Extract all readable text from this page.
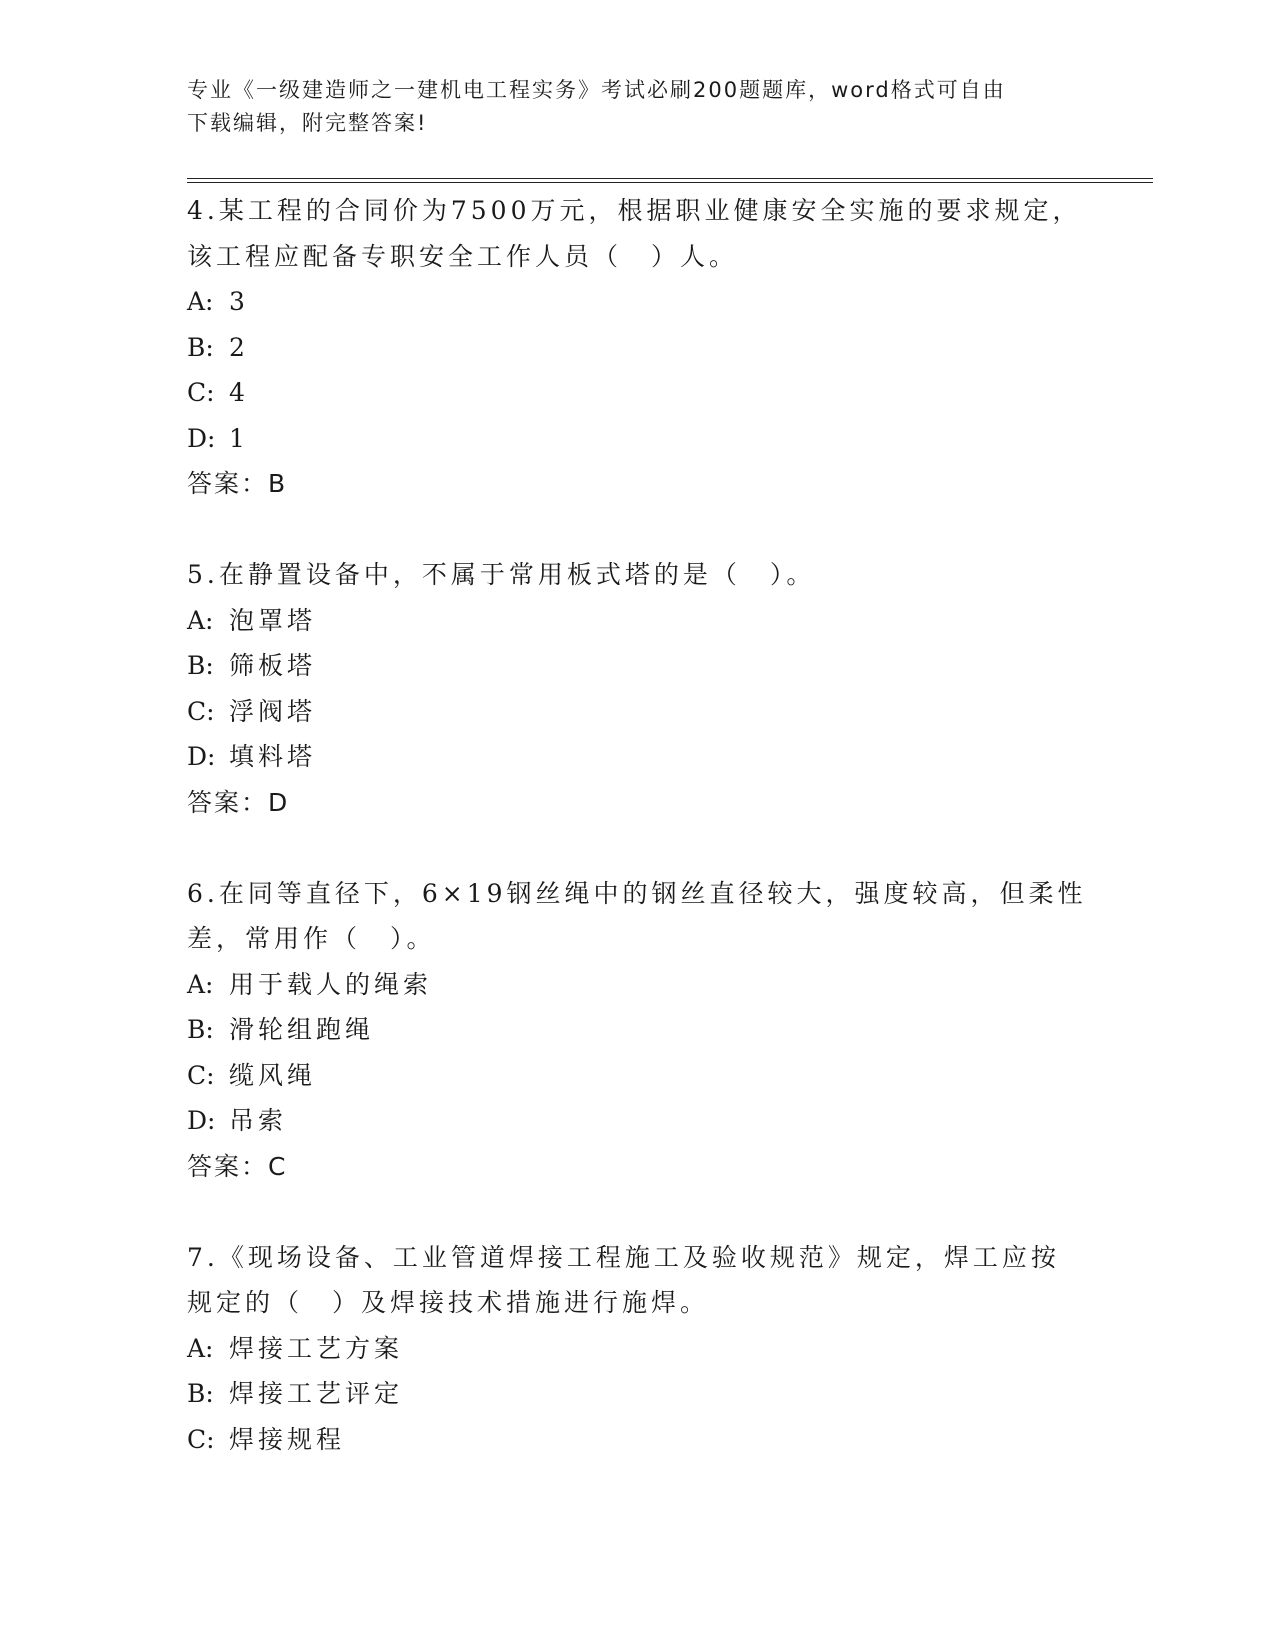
专业《一级建造师之一建机电工程实务》考试必刷200题题库，word格式可自由
下载编辑，附完整答案!
4.某工程的合同价为7500万元，根据职业健康安全实施的要求规定，
该工程应配备专职安全工作人员（　）人。
A: 3
B: 2
C: 4
D: 1
答案：B
5.在静置设备中，不属于常用板式塔的是（　）。
A: 泡罩塔
B: 筛板塔
C: 浮阀塔
D: 填料塔
答案：D
6.在同等直径下，6×19钢丝绳中的钢丝直径较大，强度较高，但柔性
差，常用作（　）。
A: 用于载人的绳索
B: 滑轮组跑绳
C: 缆风绳
D: 吊索
答案：C
7.《现场设备、工业管道焊接工程施工及验收规范》规定，焊工应按
规定的（　）及焊接技术措施进行施焊。
A: 焊接工艺方案
B: 焊接工艺评定
C: 焊接规程
